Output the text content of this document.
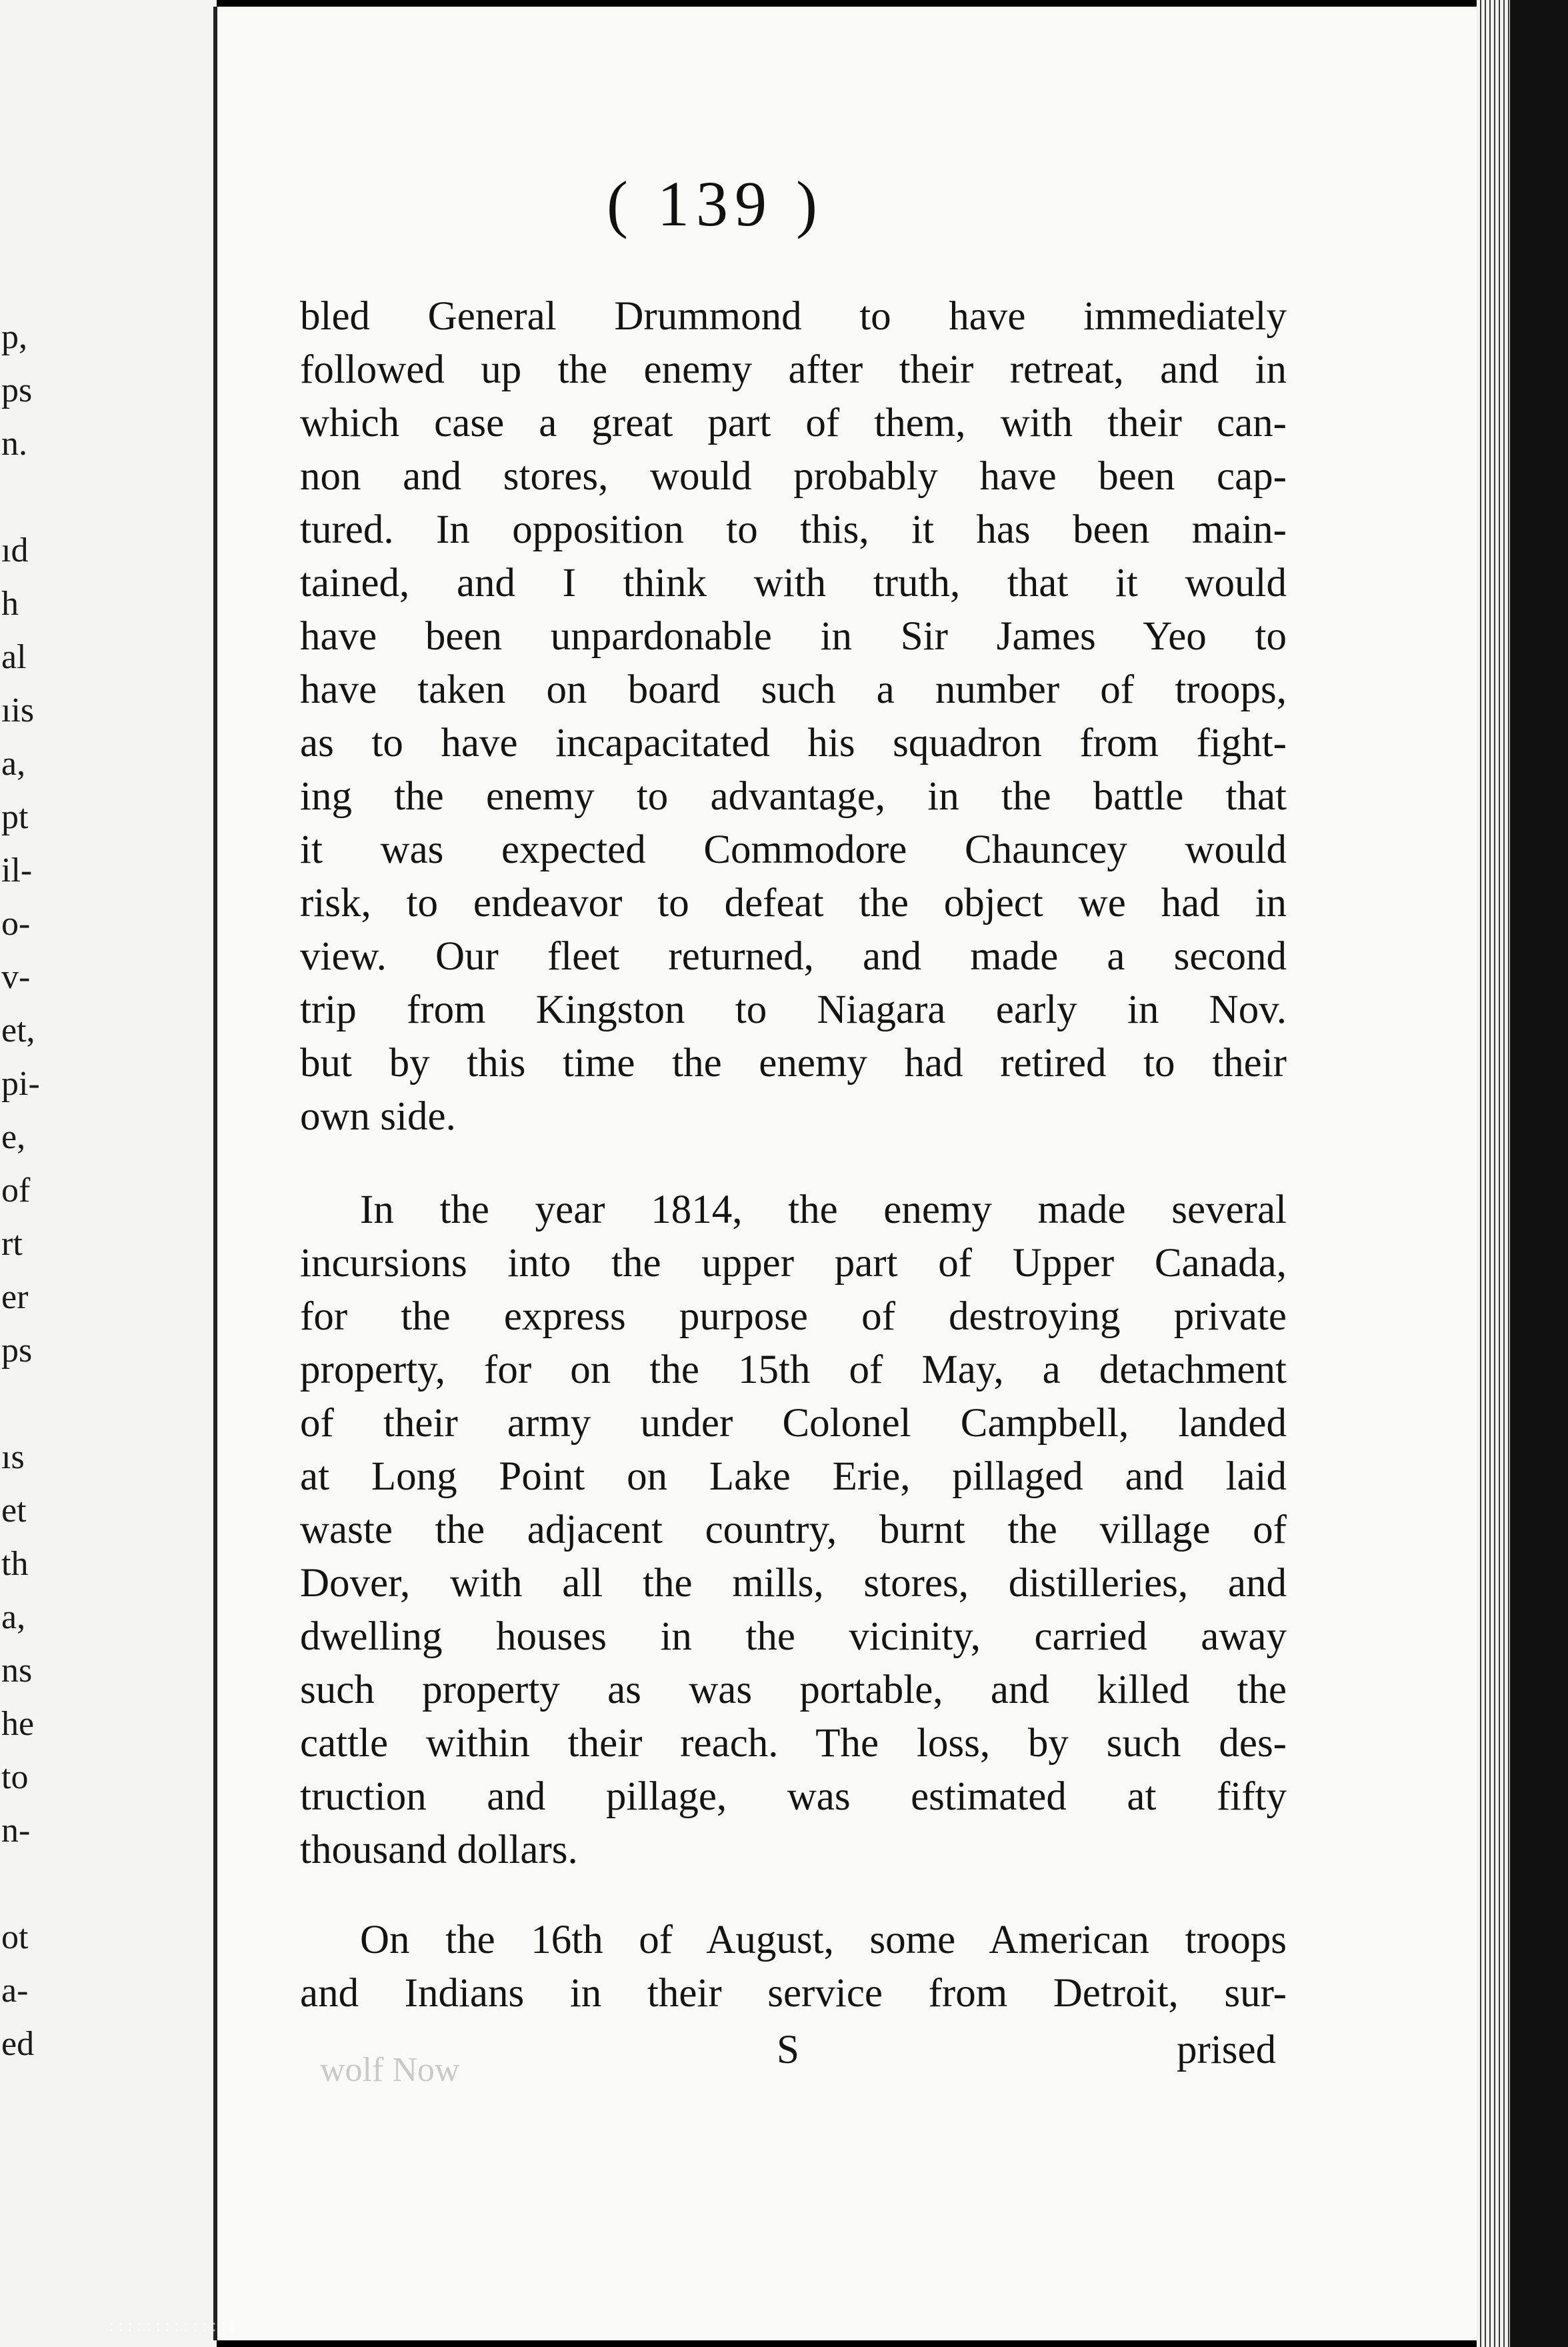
p,
ps
n.
ıd
h
al
ıis
a,
pt
il-
o-
v-
et,
pi-
e,
of
rt
er
ps
ıs
et
th
a,
ns
he
to
n-
ot
a-
ed
( 139 )
bled General Drummond to have immediately
followed up the enemy after their retreat, and in
which case a great part of them, with their can-
non and stores, would probably have been cap-
tured. In opposition to this, it has been main-
tained, and I think with truth, that it would
have been unpardonable in Sir James Yeo to
have taken on board such a number of troops,
as to have incapacitated his squadron from fight-
ing the enemy to advantage, in the battle that
it was expected Commodore Chauncey would
risk, to endeavor to defeat the object we had in
view. Our fleet returned, and made a second
trip from Kingston to Niagara early in Nov.
but by this time the enemy had retired to their
own side.
In the year 1814, the enemy made several
incursions into the upper part of Upper Canada,
for the express purpose of destroying private
property, for on the 15th of May, a detachment
of their army under Colonel Campbell, landed
at Long Point on Lake Erie, pillaged and laid
waste the adjacent country, burnt the village of
Dover, with all the mills, stores, distilleries, and
dwelling houses in the vicinity, carried away
such property as was portable, and killed the
cattle within their reach. The loss, by such des-
truction and pillage, was estimated at fifty
thousand dollars.
On the 16th of August, some American troops
and Indians in their service from Detroit, sur-
S	prised
wolf Now
